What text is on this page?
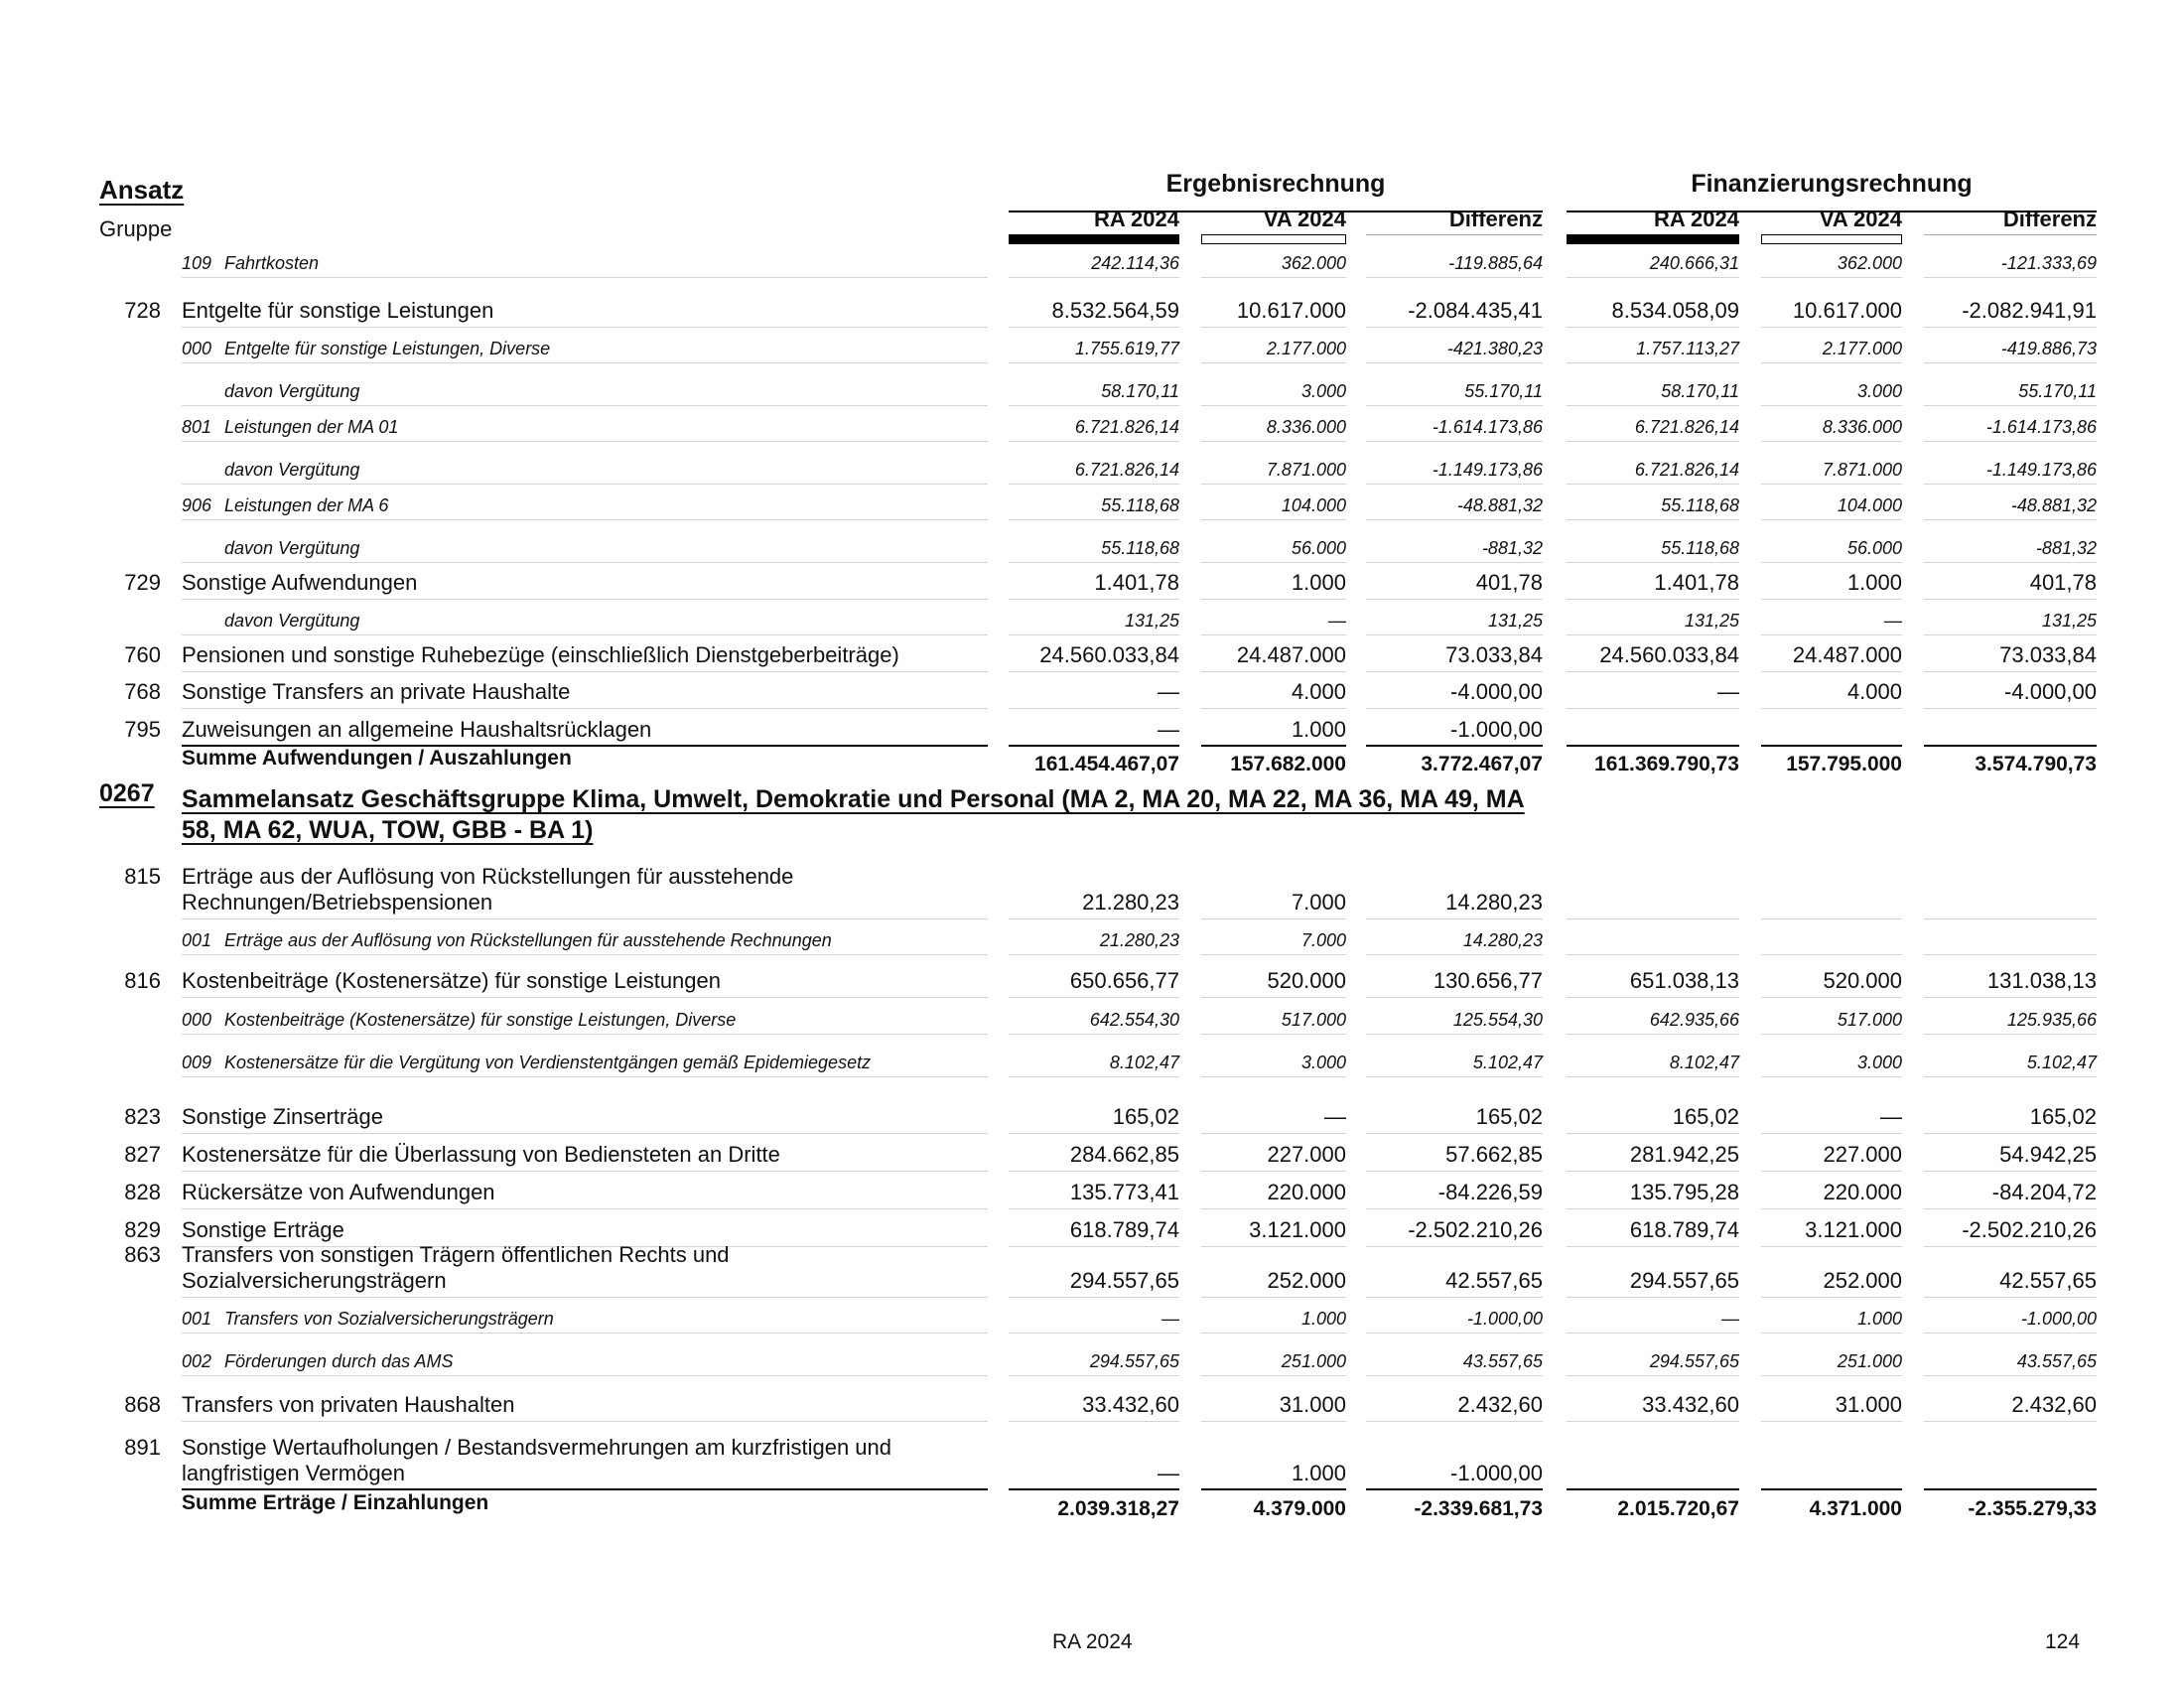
Ansatz
Gruppe
Ergebnisrechnung	Finanzierungsrechnung
RA 2024	VA 2024	Differenz	RA 2024	VA 2024	Differenz
109 Fahrtkosten	242.114,36	362.000	-119.885,64	240.666,31	362.000	-121.333,69
728 Entgelte für sonstige Leistungen	8.532.564,59	10.617.000	-2.084.435,41	8.534.058,09	10.617.000	-2.082.941,91
000 Entgelte für sonstige Leistungen, Diverse	1.755.619,77	2.177.000	-421.380,23	1.757.113,27	2.177.000	-419.886,73
davon Vergütung	58.170,11	3.000	55.170,11	58.170,11	3.000	55.170,11
801 Leistungen der MA 01	6.721.826,14	8.336.000	-1.614.173,86	6.721.826,14	8.336.000	-1.614.173,86
davon Vergütung	6.721.826,14	7.871.000	-1.149.173,86	6.721.826,14	7.871.000	-1.149.173,86
906 Leistungen der MA 6	55.118,68	104.000	-48.881,32	55.118,68	104.000	-48.881,32
davon Vergütung	55.118,68	56.000	-881,32	55.118,68	56.000	-881,32
729 Sonstige Aufwendungen	1.401,78	1.000	401,78	1.401,78	1.000	401,78
davon Vergütung	131,25	—	131,25	131,25	—	131,25
760 Pensionen und sonstige Ruhebezüge (einschließlich Dienstgeberbeiträge)	24.560.033,84	24.487.000	73.033,84	24.560.033,84	24.487.000	73.033,84
768 Sonstige Transfers an private Haushalte	—	4.000	-4.000,00	—	4.000	-4.000,00
795 Zuweisungen an allgemeine Haushaltsrücklagen	—	1.000	-1.000,00
Summe Aufwendungen / Auszahlungen	161.454.467,07	157.682.000	3.772.467,07	161.369.790,73	157.795.000	3.574.790,73
0267 Sammelansatz Geschäftsgruppe Klima, Umwelt, Demokratie und Personal (MA 2, MA 20, MA 22, MA 36, MA 49, MA
58, MA 62, WUA, TOW, GBB - BA 1)
815 Erträge aus der Auflösung von Rückstellungen für ausstehende
Rechnungen/Betriebspensionen	21.280,23	7.000	14.280,23
001 Erträge aus der Auflösung von Rückstellungen für ausstehende Rechnungen	21.280,23	7.000	14.280,23
816 Kostenbeiträge (Kostenersätze) für sonstige Leistungen	650.656,77	520.000	130.656,77	651.038,13	520.000	131.038,13
000 Kostenbeiträge (Kostenersätze) für sonstige Leistungen, Diverse	642.554,30	517.000	125.554,30	642.935,66	517.000	125.935,66
009 Kostenersätze für die Vergütung von Verdienstentgängen gemäß Epidemiegesetz	8.102,47	3.000	5.102,47	8.102,47	3.000	5.102,47
823 Sonstige Zinserträge	165,02	—	165,02	165,02	—	165,02
827 Kostenersätze für die Überlassung von Bediensteten an Dritte	284.662,85	227.000	57.662,85	281.942,25	227.000	54.942,25
828 Rückersätze von Aufwendungen	135.773,41	220.000	-84.226,59	135.795,28	220.000	-84.204,72
829 Sonstige Erträge	618.789,74	3.121.000	-2.502.210,26	618.789,74	3.121.000	-2.502.210,26
863 Transfers von sonstigen Trägern öffentlichen Rechts und
Sozialversicherungsträgern	294.557,65	252.000	42.557,65	294.557,65	252.000	42.557,65
001 Transfers von Sozialversicherungsträgern	—	1.000	-1.000,00	—	1.000	-1.000,00
002 Förderungen durch das AMS	294.557,65	251.000	43.557,65	294.557,65	251.000	43.557,65
868 Transfers von privaten Haushalten	33.432,60	31.000	2.432,60	33.432,60	31.000	2.432,60
891 Sonstige Wertaufholungen / Bestandsvermehrungen am kurzfristigen und
langfristigen Vermögen	—	1.000	-1.000,00
Summe Erträge / Einzahlungen	2.039.318,27	4.379.000	-2.339.681,73	2.015.720,67	4.371.000	-2.355.279,33
RA 2024	124
